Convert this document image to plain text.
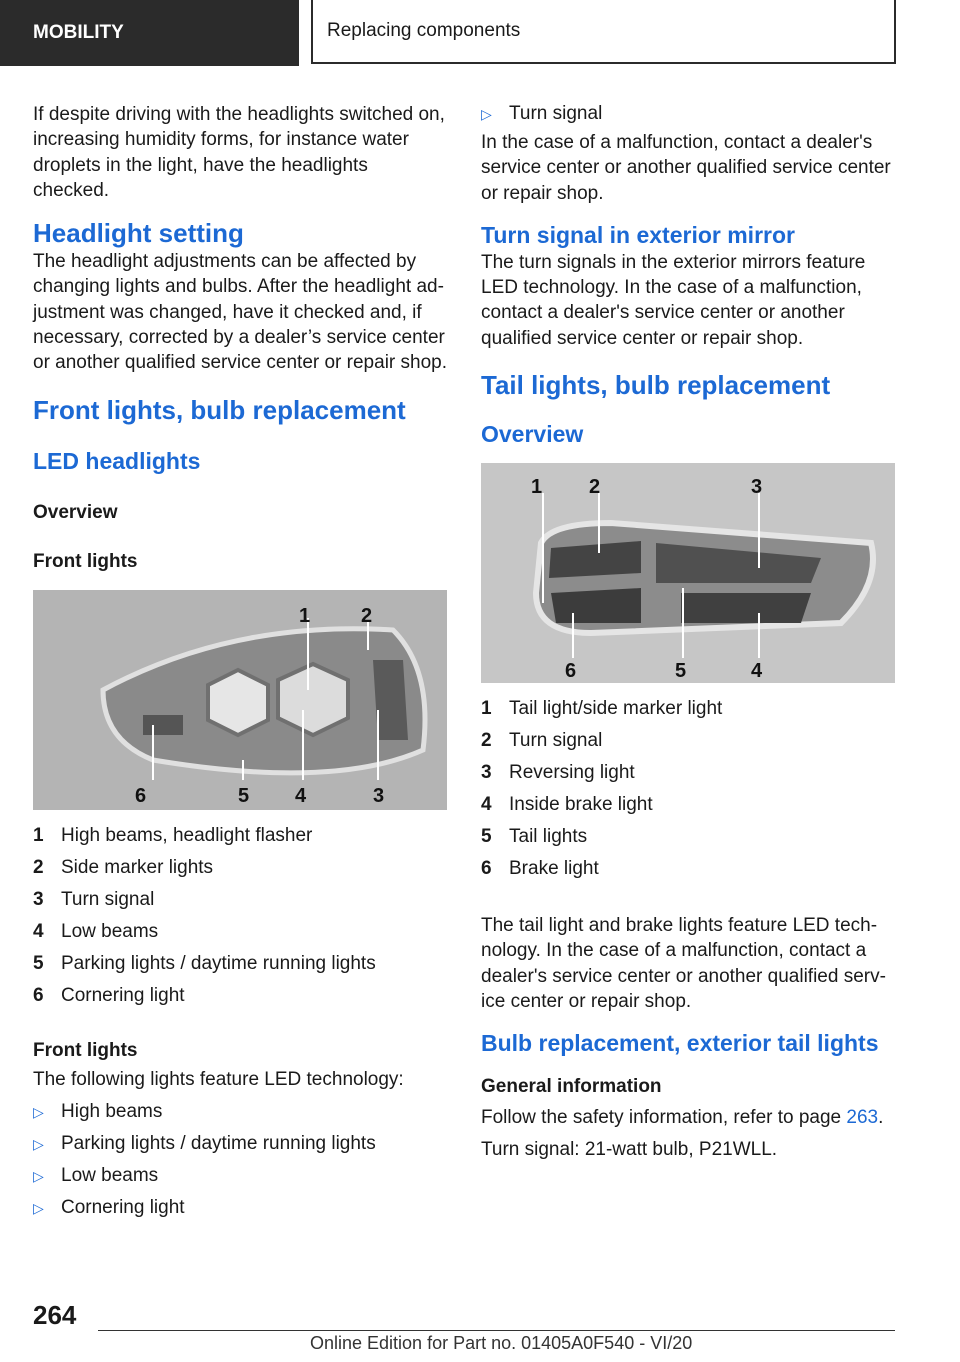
MOBILITY	Replacing components

If despite driving with the headlights switched on, increasing humidity forms, for instance water droplets in the light, have the headlights checked.

Headlight setting

The headlight adjustments can be affected by changing lights and bulbs. After the headlight ad-justment was changed, have it checked and, if necessary, corrected by a dealer’s service center or another qualified service center or repair shop.

Front lights, bulb replacement
LED headlights
Overview
Front lights
1	2
3
4
5
6
1 High beams, headlight flasher
2 Side marker lights
3 Turn signal
4 Low beams
5 Parking lights / daytime running lights
6 Cornering light
Front lights

The following lights feature LED technology:

▷ High beams
▷ Parking lights / daytime running lights
▷ Low beams
▷ Cornering light
▷ Turn signal

In the case of a malfunction, contact a dealer's service center or another qualified service center or repair shop.

Turn signal in exterior mirror

The turn signals in the exterior mirrors feature LED technology. In the case of a malfunction, contact a dealer's service center or another qualified service center or repair shop.

Tail lights, bulb replacement
Overview
1 2	3
4
5
6
1 Tail light/side marker light
2 Turn signal
3 Reversing light
4 Inside brake light
5 Tail lights
6 Brake light

The tail light and brake lights feature LED tech-nology. In the case of a malfunction, contact a dealer's service center or another qualified serv-ice center or repair shop.

Bulb replacement, exterior tail lights
General information

Follow the safety information, refer to page 263.

Turn signal: 21-watt bulb, P21WLL.

264
Online Edition for Part no. 01405A0F540 - VI/20
